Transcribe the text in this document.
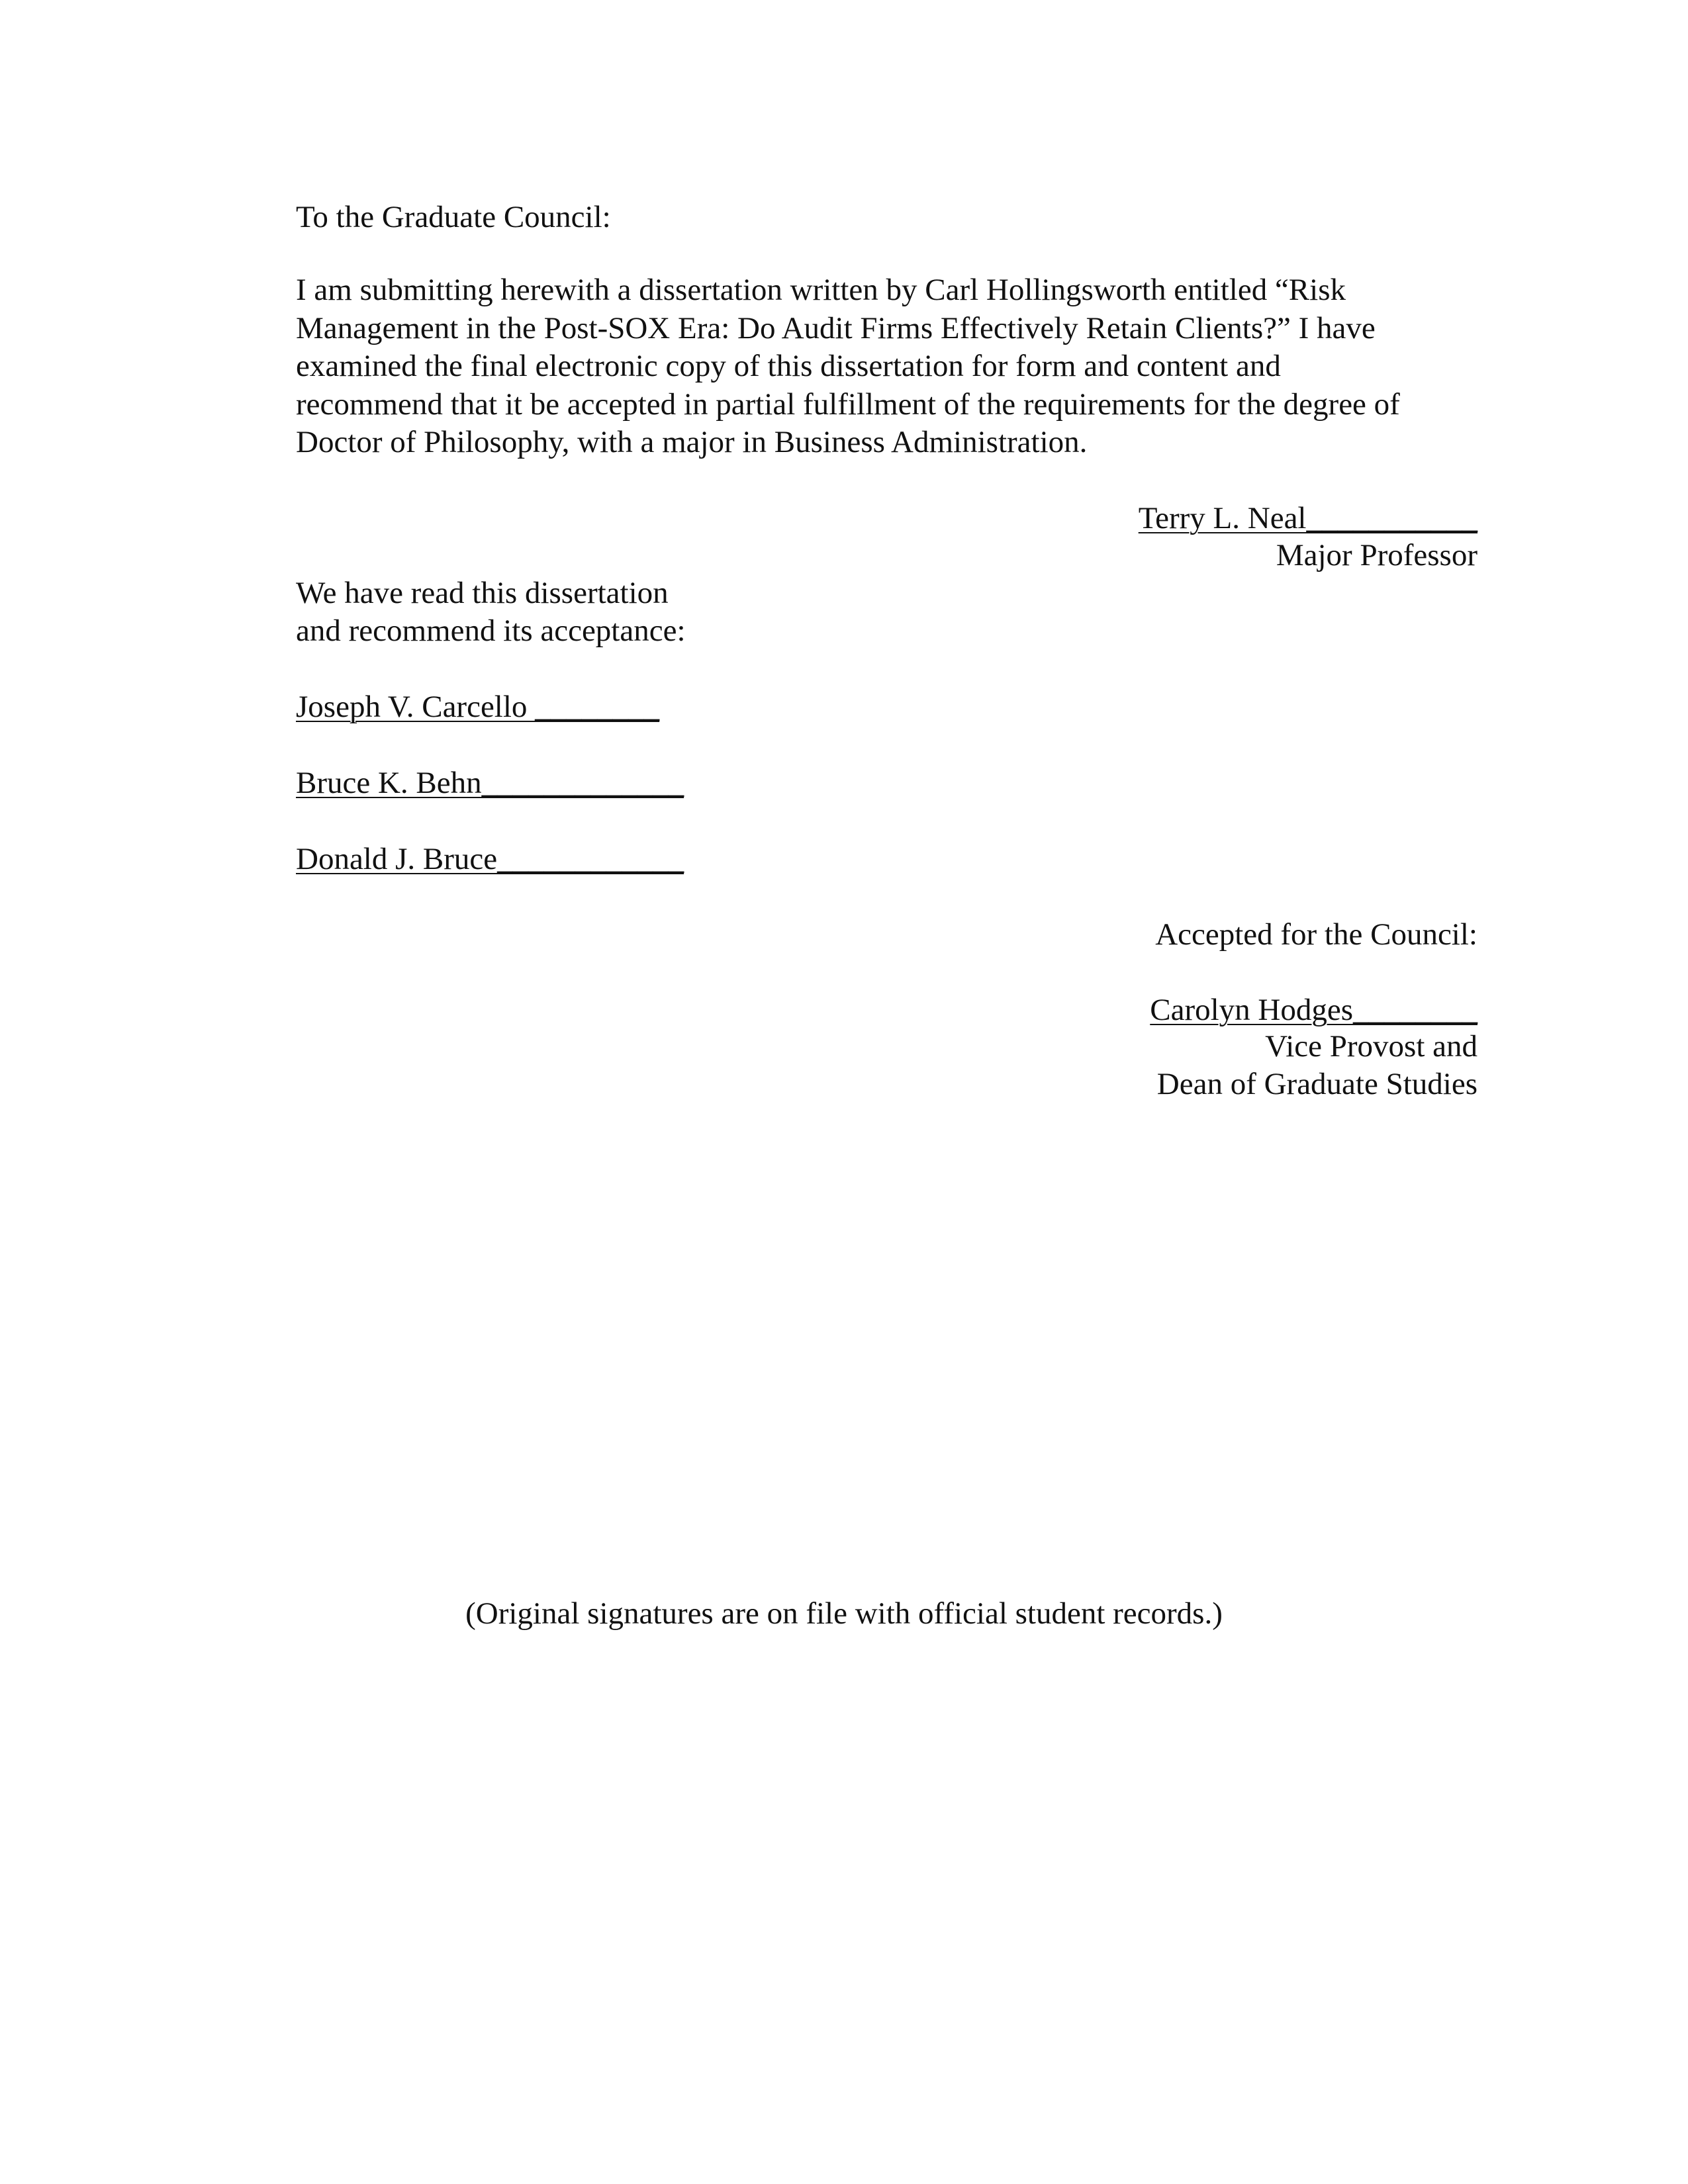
To the Graduate Council:
I am submitting herewith a dissertation written by Carl Hollingsworth entitled “Risk
Management in the Post-SOX Era: Do Audit Firms Effectively Retain Clients?” I have
examined the final electronic copy of this dissertation for form and content and
recommend that it be accepted in partial fulfillment of the requirements for the degree of
Doctor of Philosophy, with a major in Business Administration.
Terry L. Neal___________
Major Professor
We have read this dissertation
and recommend its acceptance:
Joseph V. Carcello ________
Bruce K. Behn_____________
Donald J. Bruce____________
Accepted for the Council:
Carolyn Hodges________
Vice Provost and
Dean of Graduate Studies
(Original signatures are on file with official student records.)
